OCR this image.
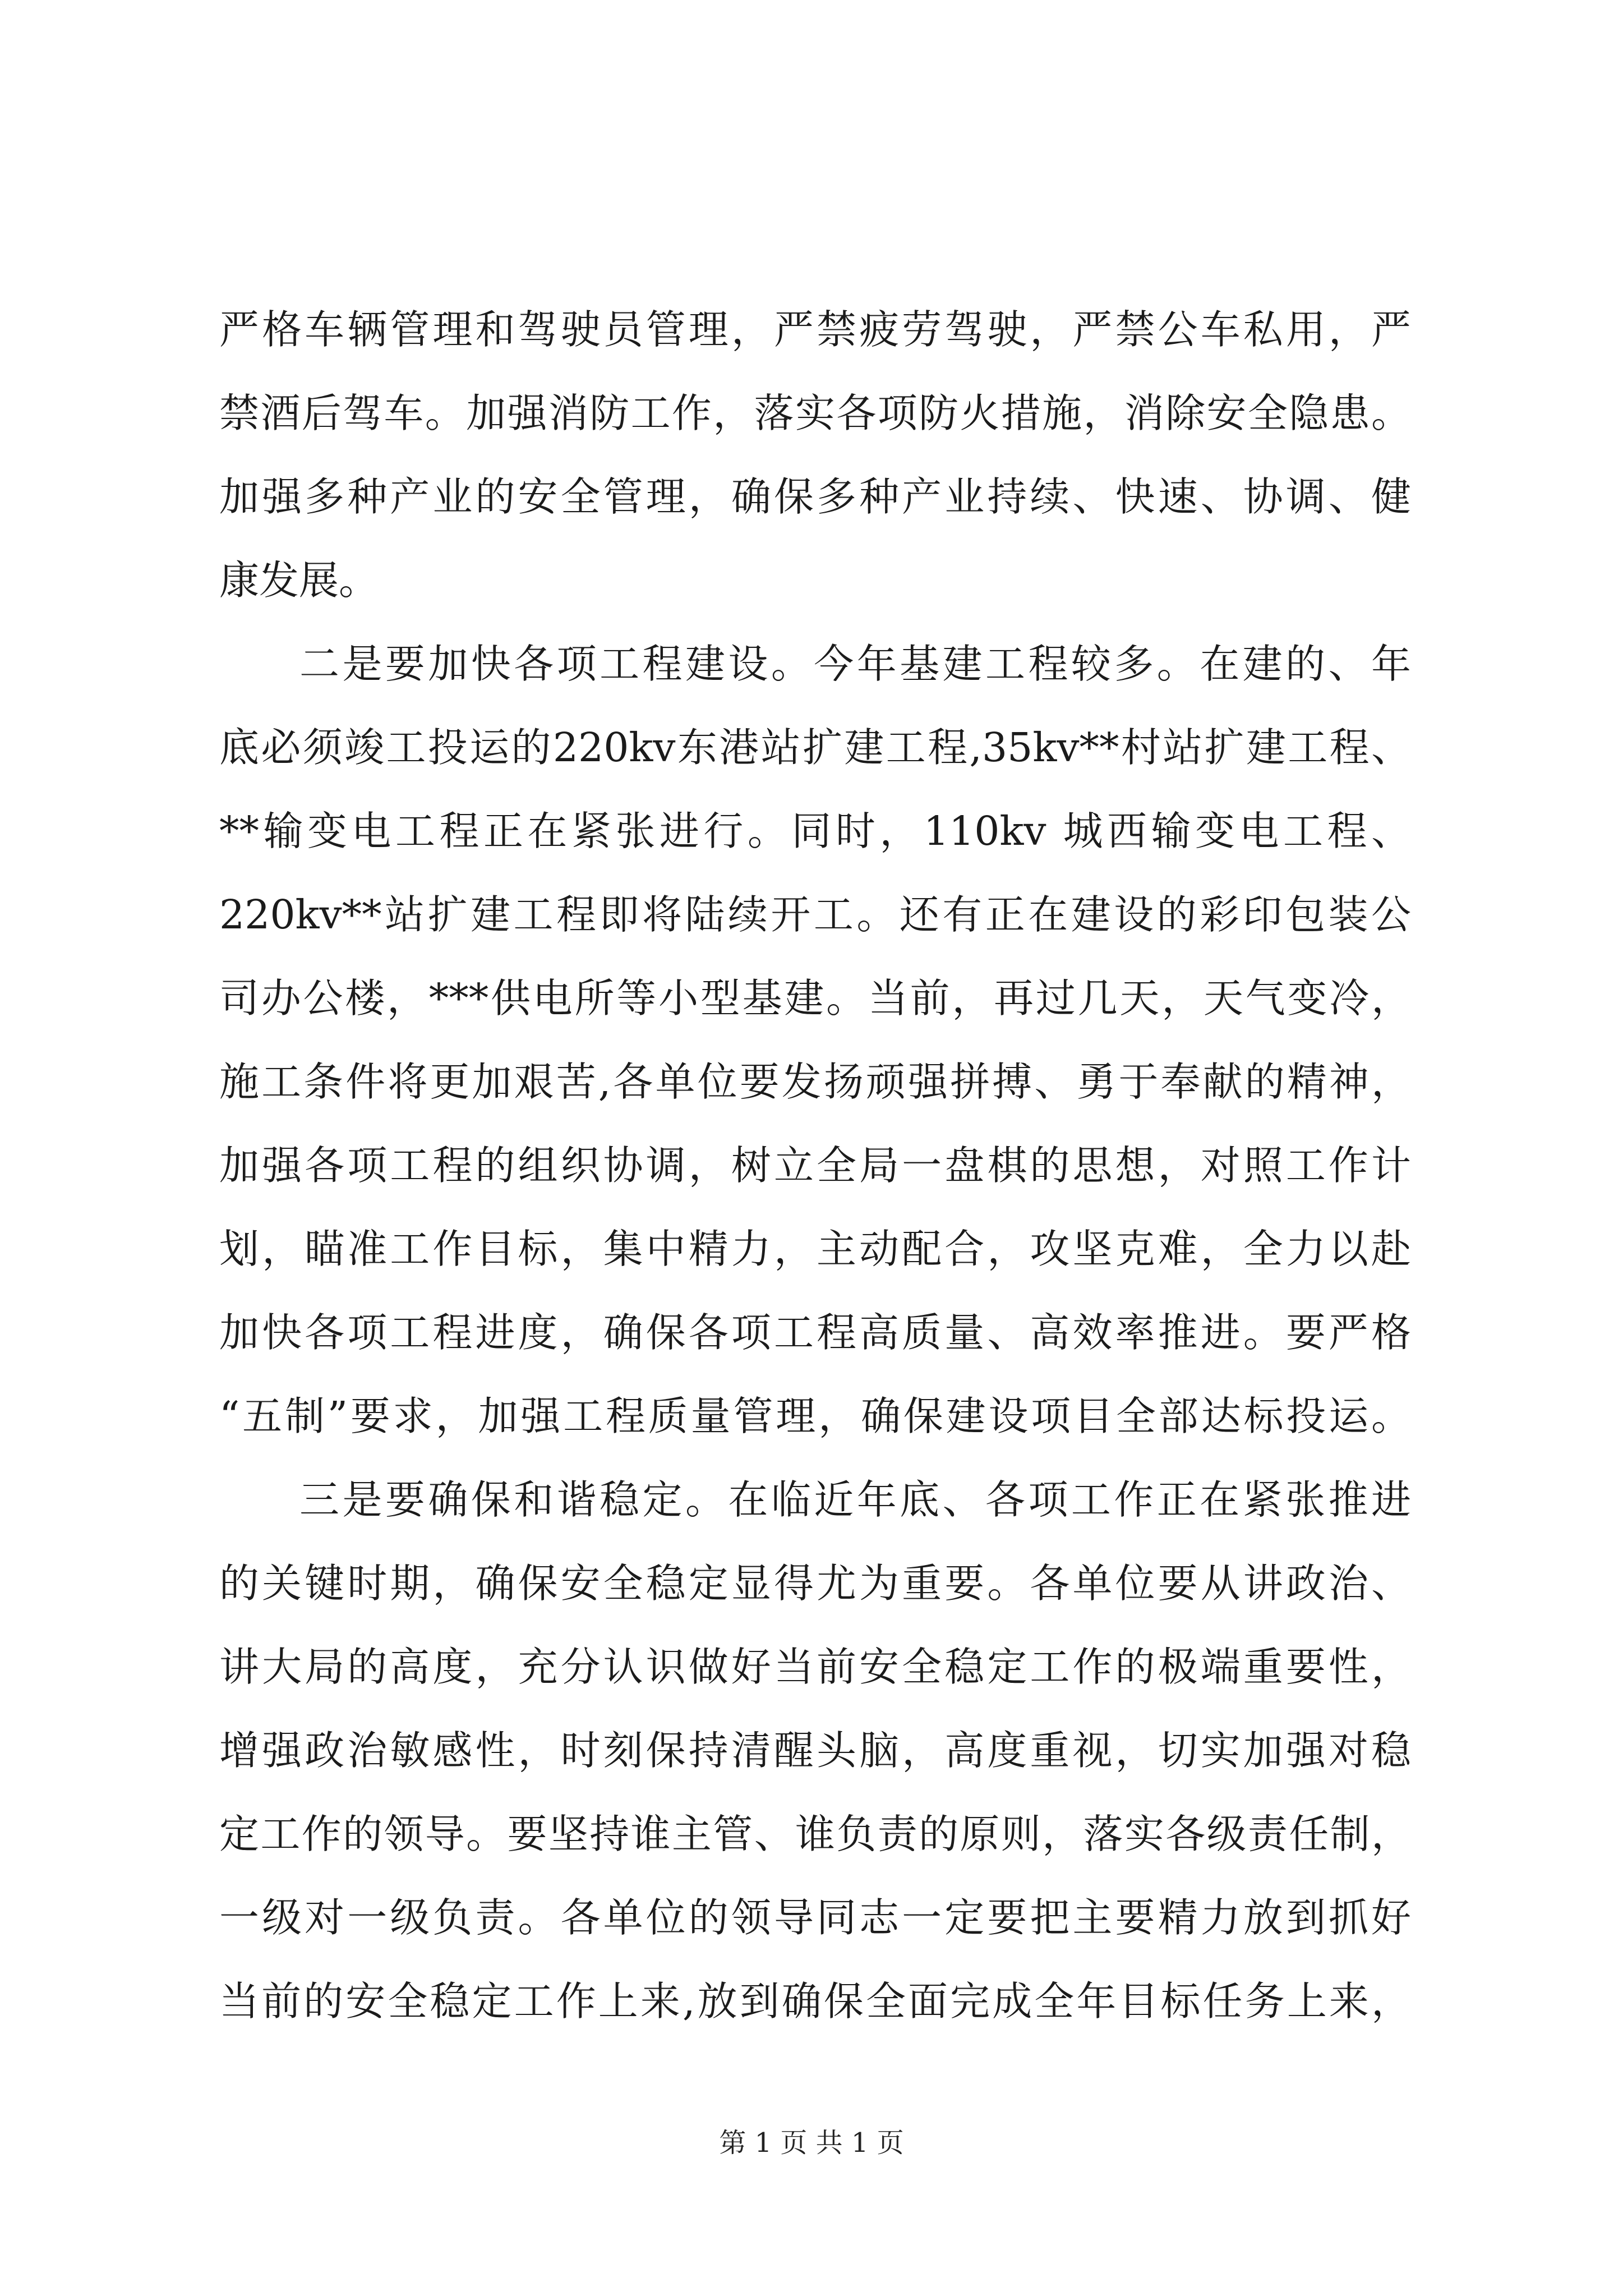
严格车辆管理和驾驶员管理，严禁疲劳驾驶，严禁公车私用，严
禁酒后驾车。加强消防工作，落实各项防火措施，消除安全隐患。
加强多种产业的安全管理，确保多种产业持续、快速、协调、健
康发展。
二是要加快各项工程建设。今年基建工程较多。在建的、年
底必须竣工投运的220kv东港站扩建工程,35kv**村站扩建工程、
**输变电工程正在紧张进行。同时，110kv 城西输变电工程、
220kv**站扩建工程即将陆续开工。还有正在建设的彩印包装公
司办公楼，***供电所等小型基建。当前，再过几天，天气变冷，
施工条件将更加艰苦,各单位要发扬顽强拼搏、勇于奉献的精神，
加强各项工程的组织协调，树立全局一盘棋的思想，对照工作计
划，瞄准工作目标，集中精力，主动配合，攻坚克难，全力以赴
加快各项工程进度，确保各项工程高质量、高效率推进。要严格
“五制”要求，加强工程质量管理，确保建设项目全部达标投运。
三是要确保和谐稳定。在临近年底、各项工作正在紧张推进
的关键时期，确保安全稳定显得尤为重要。各单位要从讲政治、
讲大局的高度，充分认识做好当前安全稳定工作的极端重要性，
增强政治敏感性，时刻保持清醒头脑，高度重视，切实加强对稳
定工作的领导。要坚持谁主管、谁负责的原则，落实各级责任制，
一级对一级负责。各单位的领导同志一定要把主要精力放到抓好
当前的安全稳定工作上来,放到确保全面完成全年目标任务上来，
第 1 页 共 1 页
